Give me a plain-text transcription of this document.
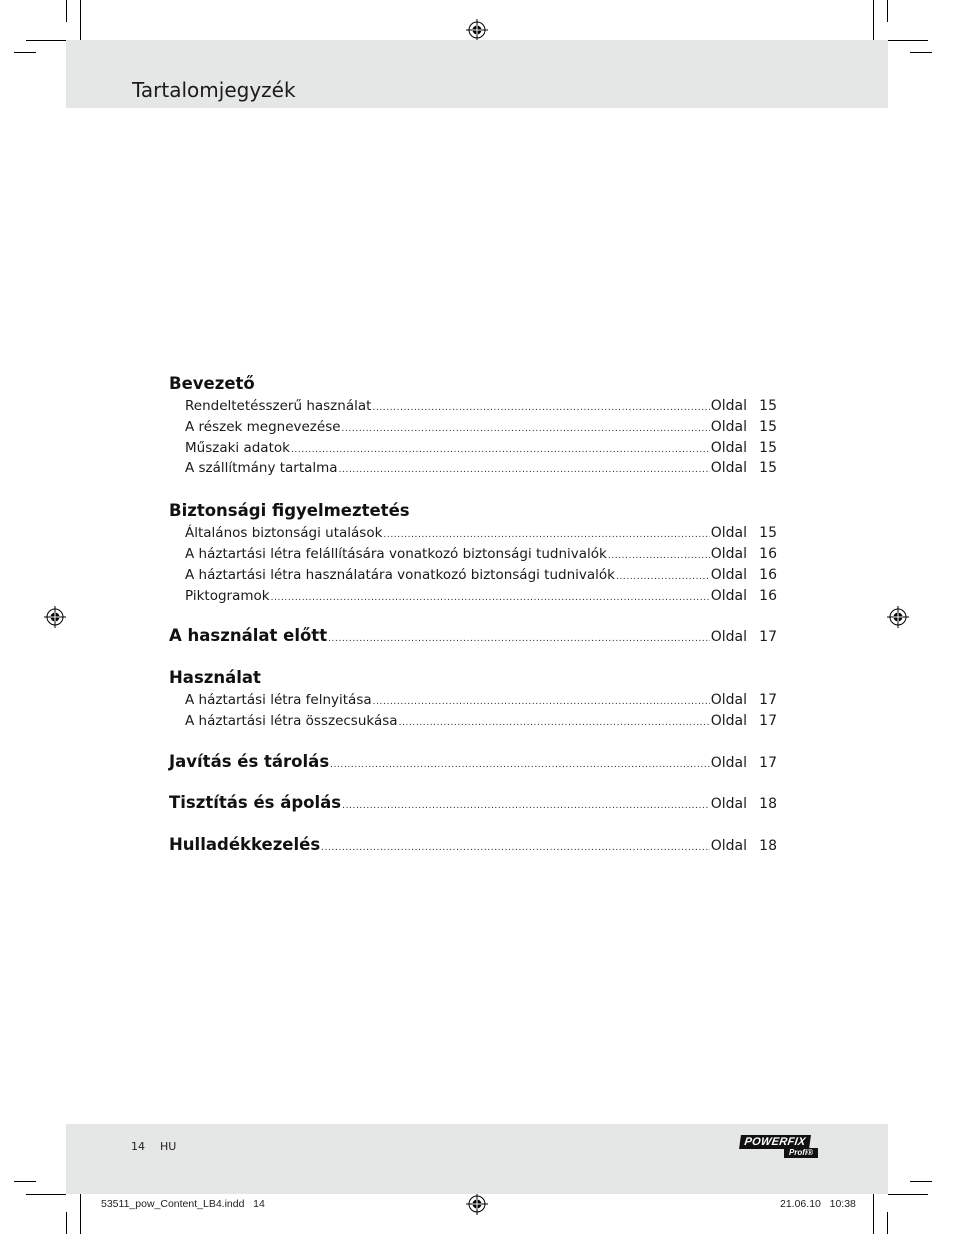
Tartalomjegyzék
Bevezető
Rendeltetésszerű használat .....	Oldal 15
A részek megnevezése .....	Oldal 15
Műszaki adatok .....	Oldal 15
A szállítmány tartalma .....	Oldal 15
Biztonsági figyelmeztetés
Általános biztonsági utalások .....	Oldal 15
A háztartási létra felállítására vonatkozó biztonsági tudnivalók .....	Oldal 16
A háztartási létra használatára vonatkozó biztonsági tudnivalók .....	Oldal 16
Piktogramok .....	Oldal 16
A használat előtt .....	Oldal 17
Használat
A háztartási létra felnyitása .....	Oldal 17
A háztartási létra összecsukása .....	Oldal 17
Javítás és tárolás .....	Oldal 17
Tisztítás és ápolás .....	Oldal 18
Hulladékkezelés .....	Oldal 18
14 HU	POWERFIX
Profi®
53511_pow_Content_LB4.indd   14	21.06.10   10:38
